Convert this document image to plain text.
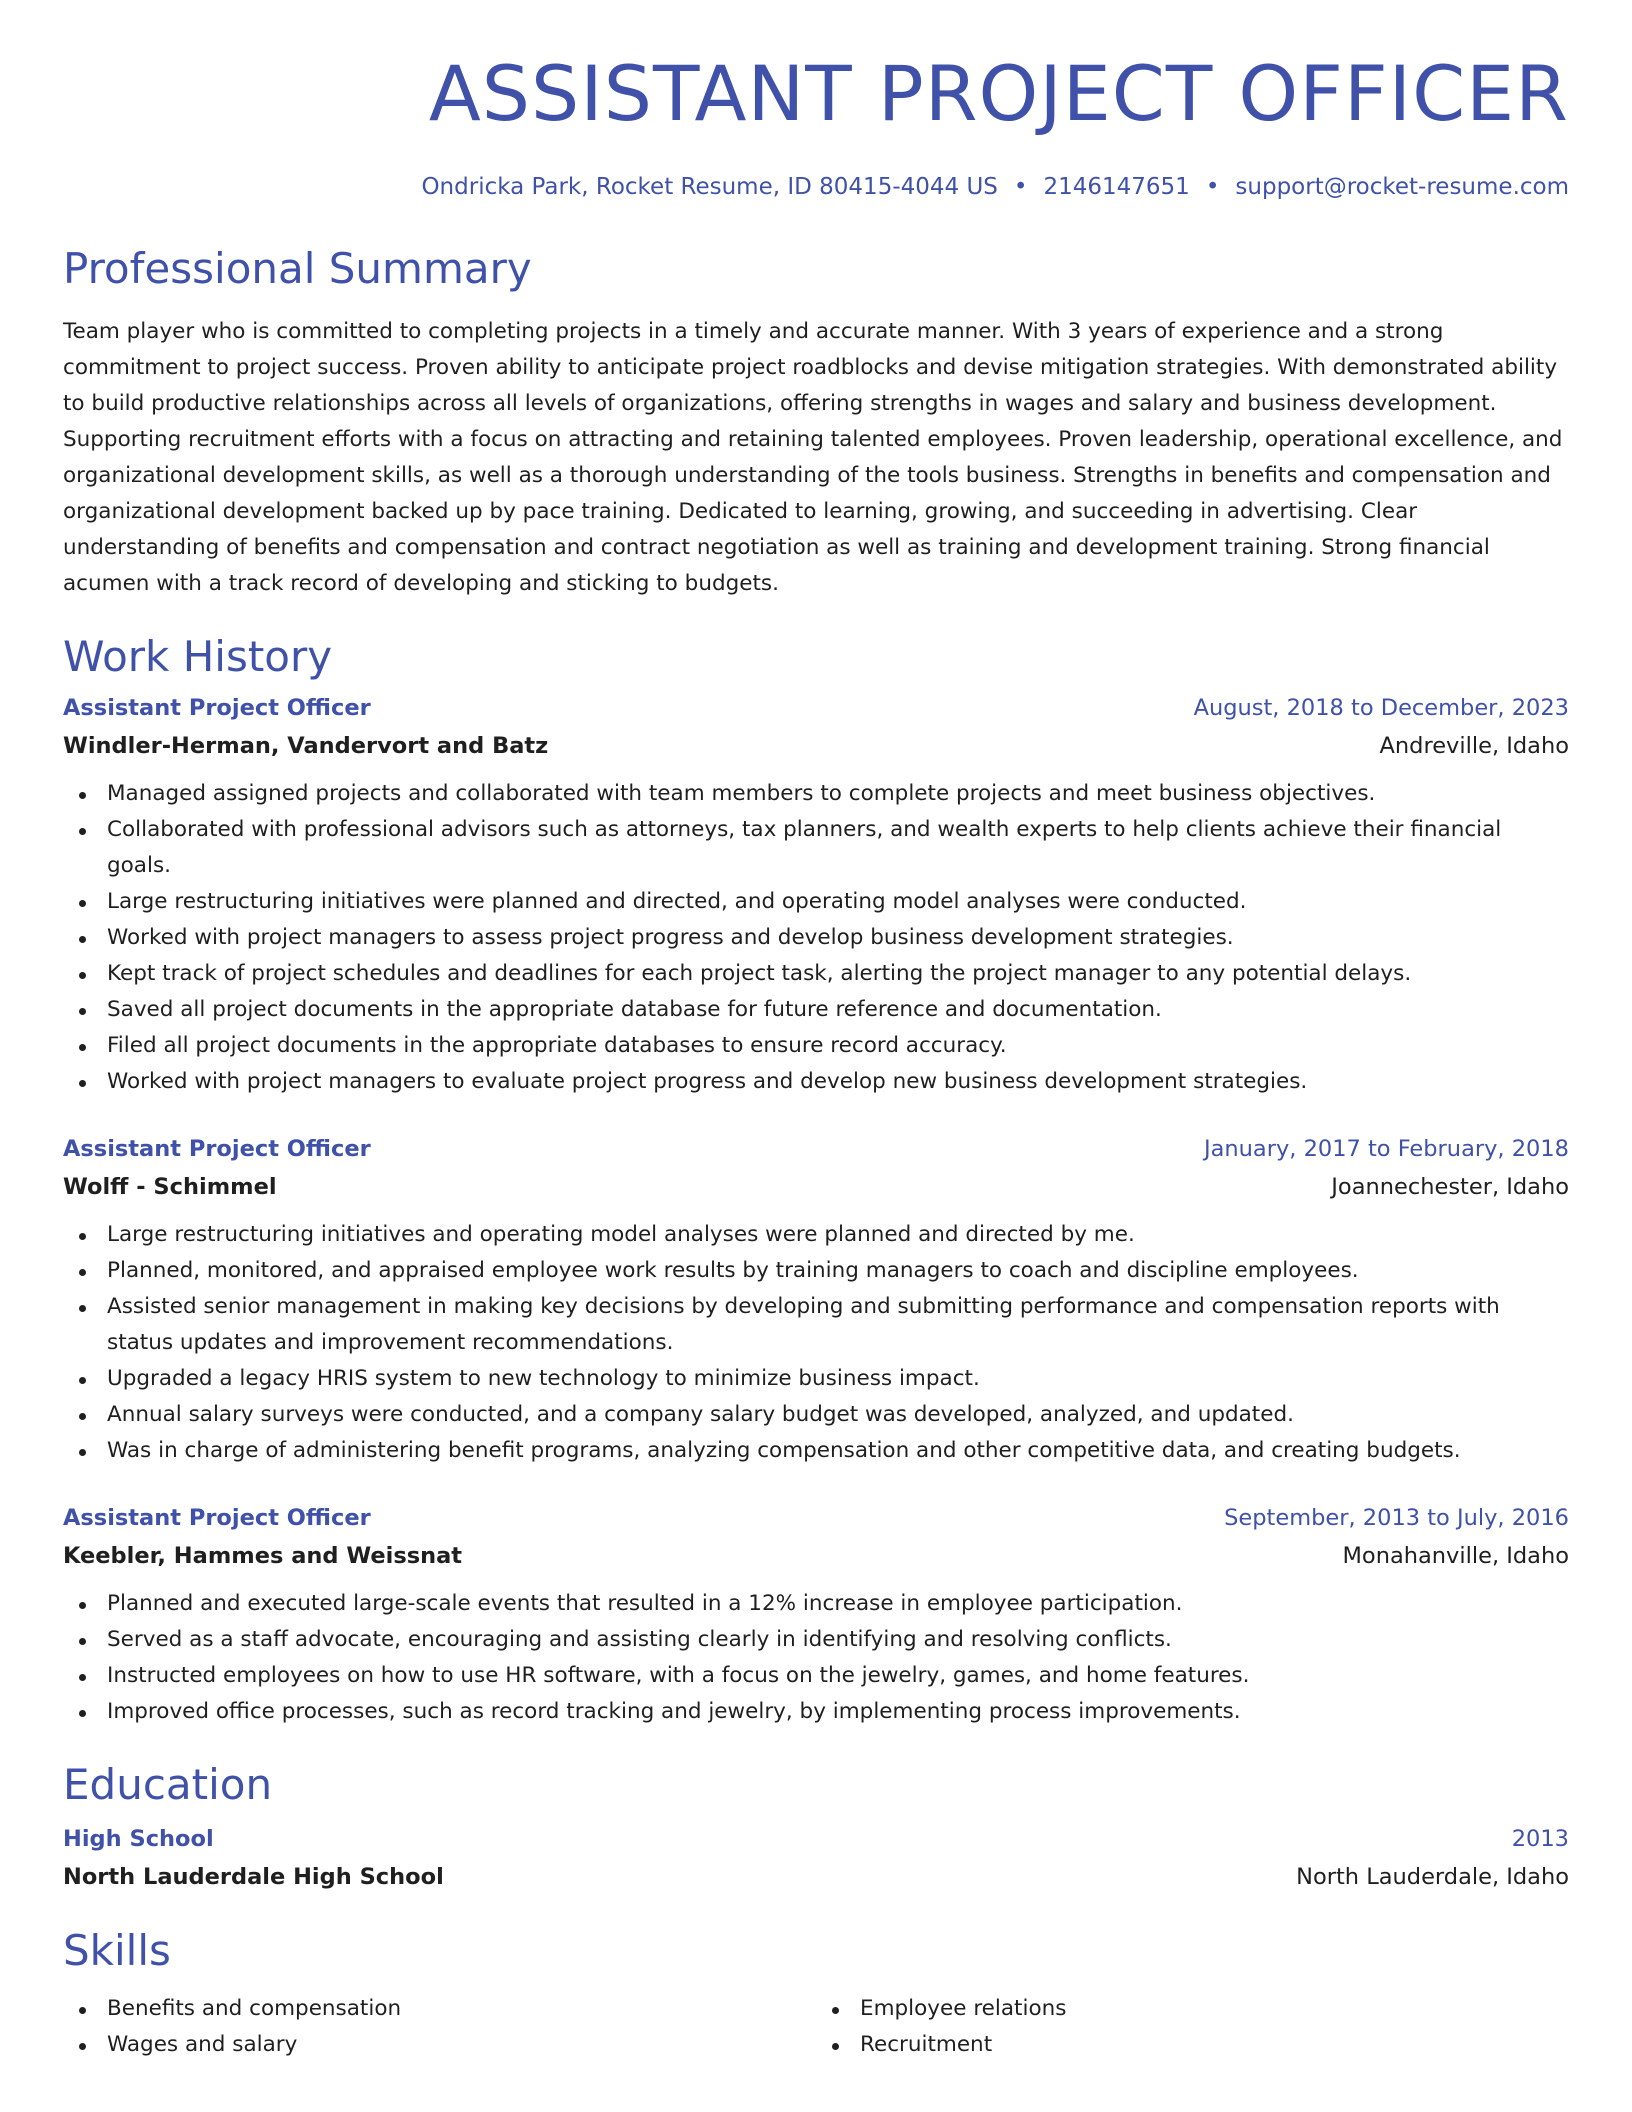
ASSISTANT PROJECT OFFICER
Ondricka Park, Rocket Resume, ID 80415-4044 US • 2146147651 • support@rocket-resume.com
Professional Summary

Team player who is committed to completing projects in a timely and accurate manner. With 3 years of experience and a strong commitment to project success. Proven ability to anticipate project roadblocks and devise mitigation strategies. With demonstrated ability to build productive relationships across all levels of organizations, offering strengths in wages and salary and business development. Supporting recruitment efforts with a focus on attracting and retaining talented employees. Proven leadership, operational excellence, and organizational development skills, as well as a thorough understanding of the tools business. Strengths in benefits and compensation and organizational development backed up by pace training. Dedicated to learning, growing, and succeeding in advertising. Clear understanding of benefits and compensation and contract negotiation as well as training and development training. Strong financial acumen with a track record of developing and sticking to budgets.

Work History
Assistant Project Officer	August, 2018 to December, 2023
Windler-Herman, Vandervort and Batz	Andreville, Idaho
Managed assigned projects and collaborated with team members to complete projects and meet business objectives.
Collaborated with professional advisors such as attorneys, tax planners, and wealth experts to help clients achieve their financial goals.
Large restructuring initiatives were planned and directed, and operating model analyses were conducted.
Worked with project managers to assess project progress and develop business development strategies.
Kept track of project schedules and deadlines for each project task, alerting the project manager to any potential delays.
Saved all project documents in the appropriate database for future reference and documentation.
Filed all project documents in the appropriate databases to ensure record accuracy.
Worked with project managers to evaluate project progress and develop new business development strategies.
Assistant Project Officer	January, 2017 to February, 2018
Wolff - Schimmel	Joannechester, Idaho
Large restructuring initiatives and operating model analyses were planned and directed by me.
Planned, monitored, and appraised employee work results by training managers to coach and discipline employees.
Assisted senior management in making key decisions by developing and submitting performance and compensation reports with status updates and improvement recommendations.
Upgraded a legacy HRIS system to new technology to minimize business impact.
Annual salary surveys were conducted, and a company salary budget was developed, analyzed, and updated.
Was in charge of administering benefit programs, analyzing compensation and other competitive data, and creating budgets.
Assistant Project Officer	September, 2013 to July, 2016
Keebler, Hammes and Weissnat	Monahanville, Idaho
Planned and executed large-scale events that resulted in a 12% increase in employee participation.
Served as a staff advocate, encouraging and assisting clearly in identifying and resolving conflicts.
Instructed employees on how to use HR software, with a focus on the jewelry, games, and home features.
Improved office processes, such as record tracking and jewelry, by implementing process improvements.
Education
High School	2013
North Lauderdale High School	North Lauderdale, Idaho
Skills
Benefits and compensation
Wages and salary
Employee relations
Recruitment
